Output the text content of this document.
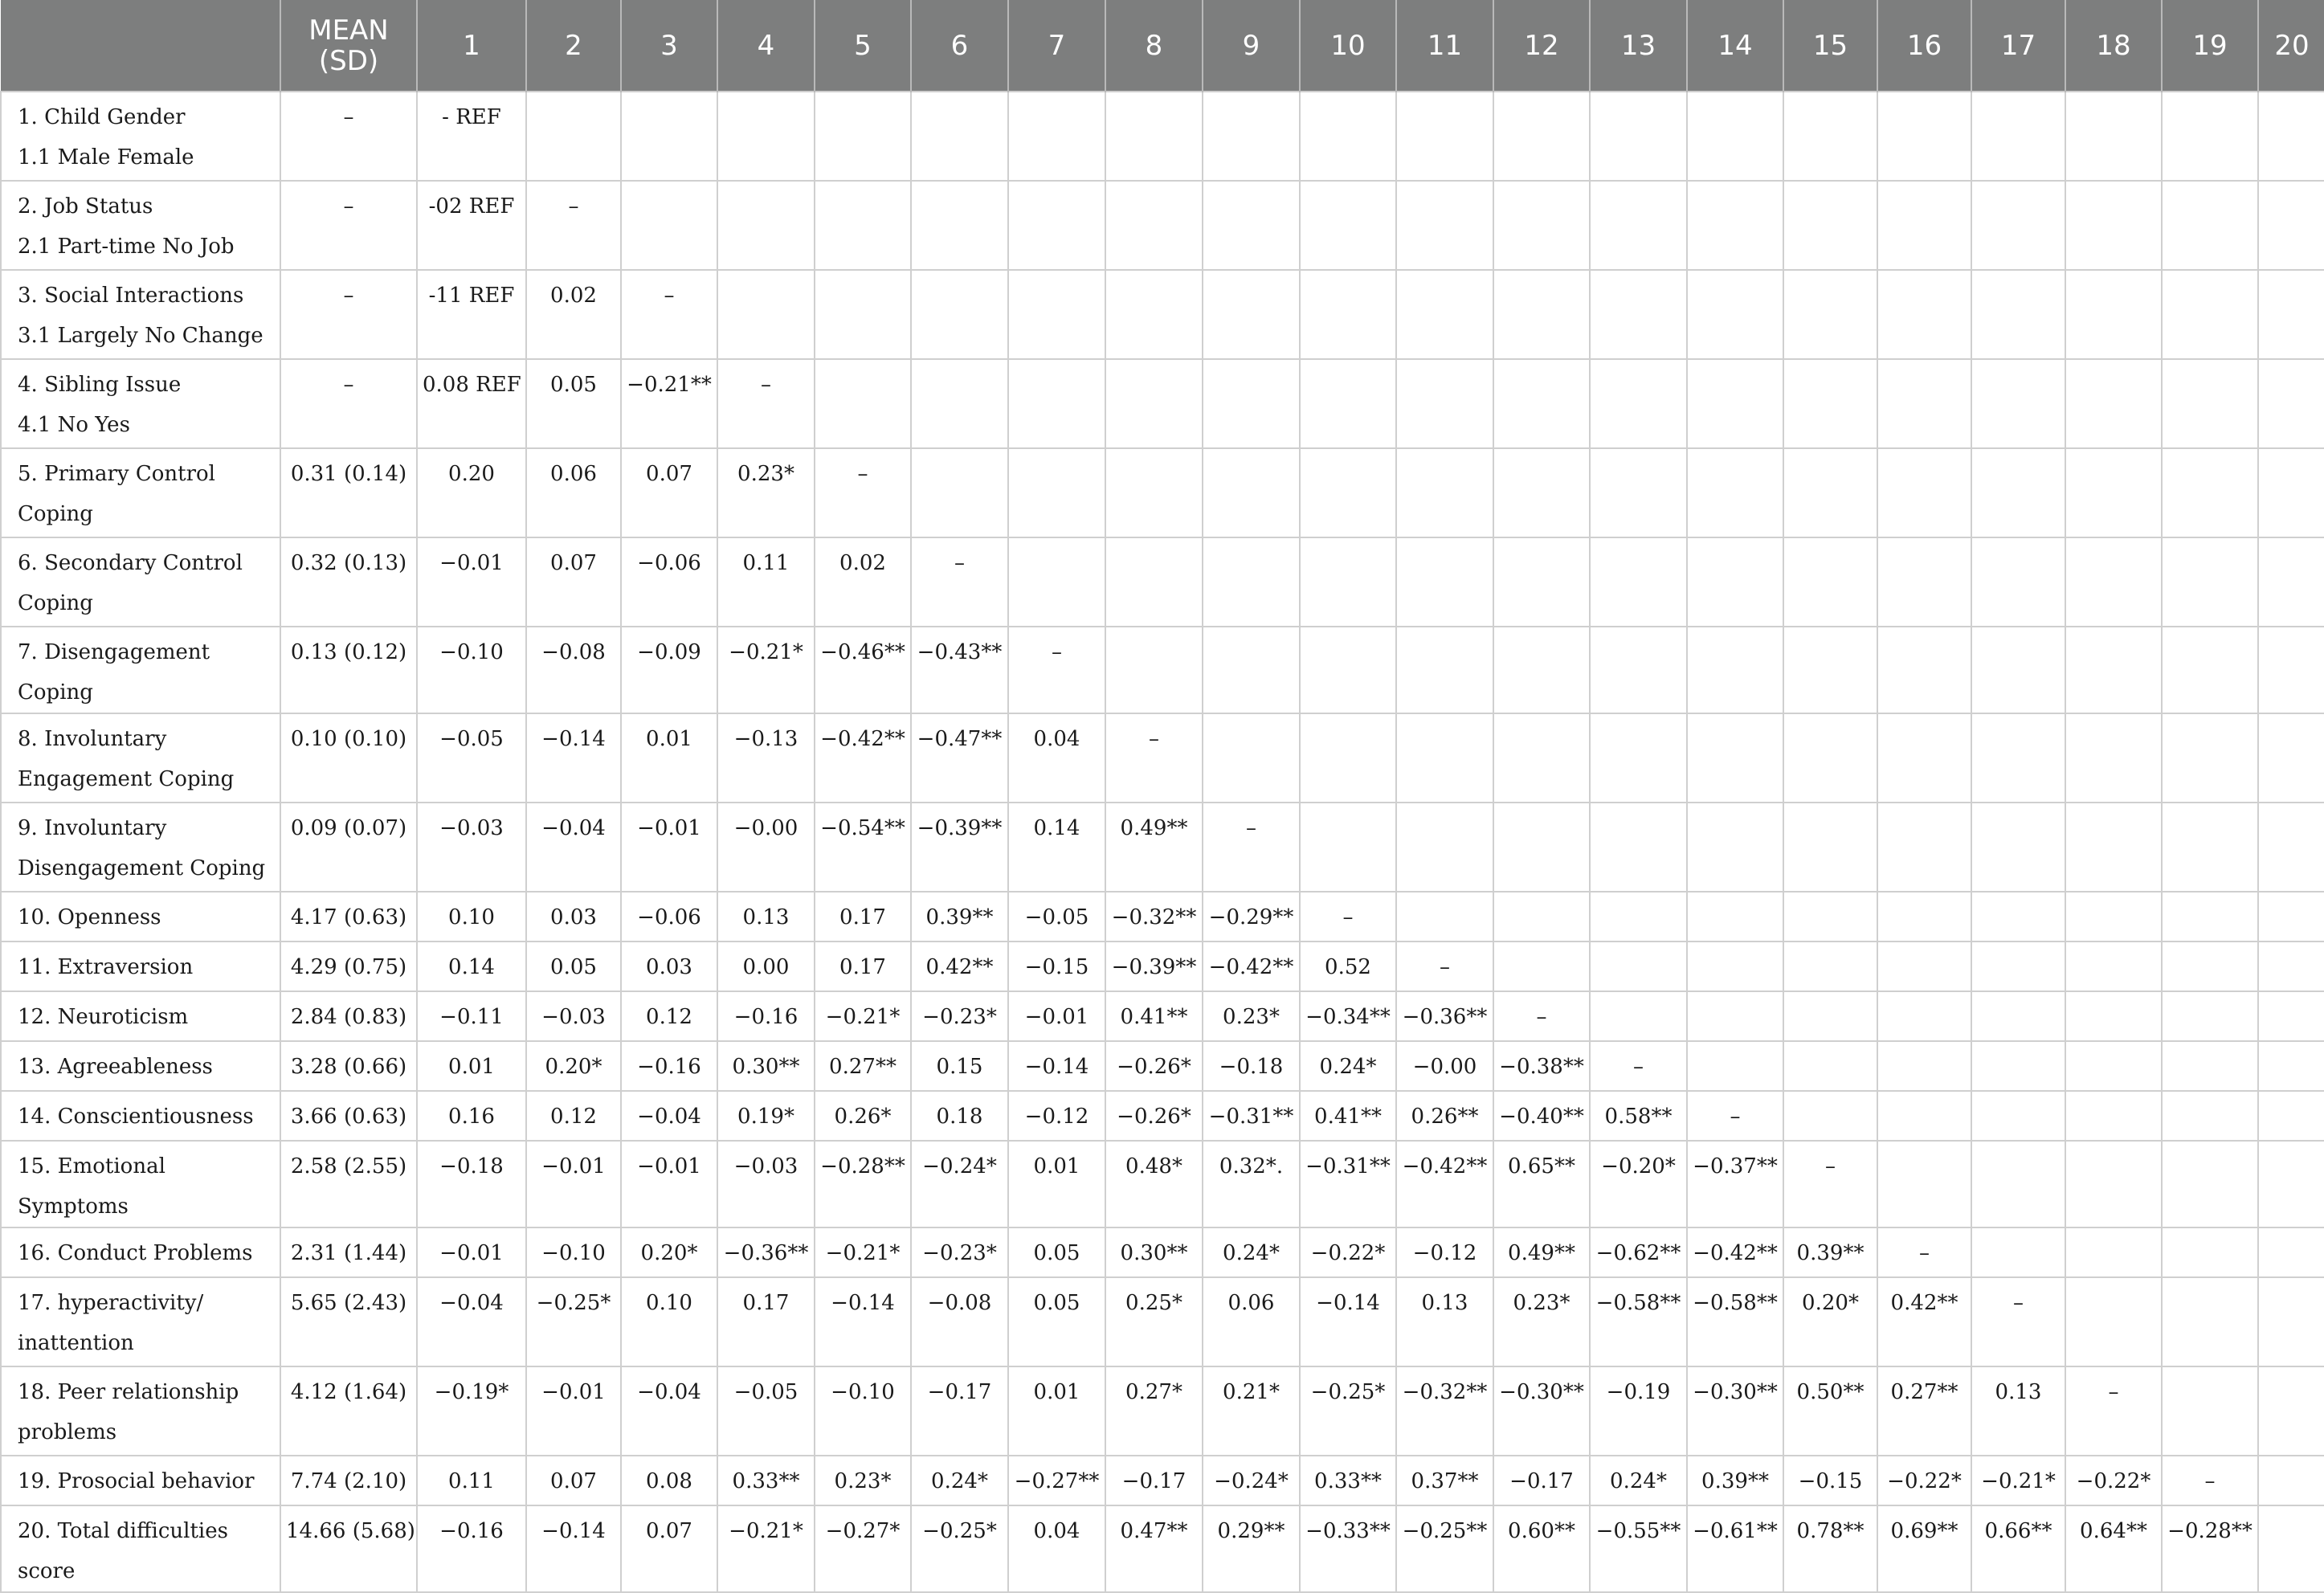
	MEAN (SD)	1	2	3	4	5	6	7	8	9	10	11	12	13	14	15	16	17	18	19	20

1. Child Gender
1.1 Male Female	–	- REF																			

2. Job Status
2.1 Part-time No Job	–	-02 REF	–																		

3. Social Interactions
3.1 Largely No Change	–	-11 REF	0.02	–																	

4. Sibling Issue
4.1 No Yes	–	0.08 REF	0.05	−0.21**	–																

5. Primary Control
Coping	0.31 (0.14)	0.20	0.06	0.07	0.23*	–															

6. Secondary Control
Coping	0.32 (0.13)	−0.01	0.07	−0.06	0.11	0.02	–														

7. Disengagement Coping	0.13 (0.12)	−0.10	−0.08	−0.09	−0.21*	−0.46**	−0.43**	–													

8. Involuntary
Engagement Coping	0.10 (0.10)	−0.05	−0.14	0.01	−0.13	−0.42**	−0.47**	0.04	–												

9. Involuntary
Disengagement Coping	0.09 (0.07)	−0.03	−0.04	−0.01	−0.00	−0.54**	−0.39**	0.14	0.49**	–											

10. Openness	4.17 (0.63)	0.10	0.03	−0.06	0.13	0.17	0.39**	−0.05	−0.32**	−0.29**	–										

11. Extraversion	4.29 (0.75)	0.14	0.05	0.03	0.00	0.17	0.42**	−0.15	−0.39**	−0.42**	0.52	–									

12. Neuroticism	2.84 (0.83)	−0.11	−0.03	0.12	−0.16	−0.21*	−0.23*	−0.01	0.41**	0.23*	−0.34**	−0.36**	–								

13. Agreeableness	3.28 (0.66)	0.01	0.20*	−0.16	0.30**	0.27**	0.15	−0.14	−0.26*	−0.18	0.24*	−0.00	−0.38**	–							

14. Conscientiousness	3.66 (0.63)	0.16	0.12	−0.04	0.19*	0.26*	0.18	−0.12	−0.26*	−0.31**	0.41**	0.26**	−0.40**	0.58**	–						

15. Emotional Symptoms	2.58 (2.55)	−0.18	−0.01	−0.01	−0.03	−0.28**	−0.24*	0.01	0.48*	0.32*.	−0.31**	−0.42**	0.65**	−0.20*	−0.37**	–					

16. Conduct Problems	2.31 (1.44)	−0.01	−0.10	0.20*	−0.36**	−0.21*	−0.23*	0.05	0.30**	0.24*	−0.22*	−0.12	0.49**	−0.62**	−0.42**	0.39**	–				

17. hyperactivity/
inattention	5.65 (2.43)	−0.04	−0.25*	0.10	0.17	−0.14	−0.08	0.05	0.25*	0.06	−0.14	0.13	0.23*	−0.58**	−0.58**	0.20*	0.42**	–			

18. Peer relationship
problems	4.12 (1.64)	−0.19*	−0.01	−0.04	−0.05	−0.10	−0.17	0.01	0.27*	0.21*	−0.25*	−0.32**	−0.30**	−0.19	−0.30**	0.50**	0.27**	0.13	–		

19. Prosocial behavior	7.74 (2.10)	0.11	0.07	0.08	0.33**	0.23*	0.24*	−0.27**	−0.17	−0.24*	0.33**	0.37**	−0.17	0.24*	0.39**	−0.15	−0.22*	−0.21*	−0.22*	–	

20. Total difficulties score	14.66 (5.68)	−0.16	−0.14	0.07	−0.21*	−0.27*	−0.25*	0.04	0.47**	0.29**	−0.33**	−0.25**	0.60**	−0.55**	−0.61**	0.78**	0.69**	0.66**	0.64**	−0.28**	
